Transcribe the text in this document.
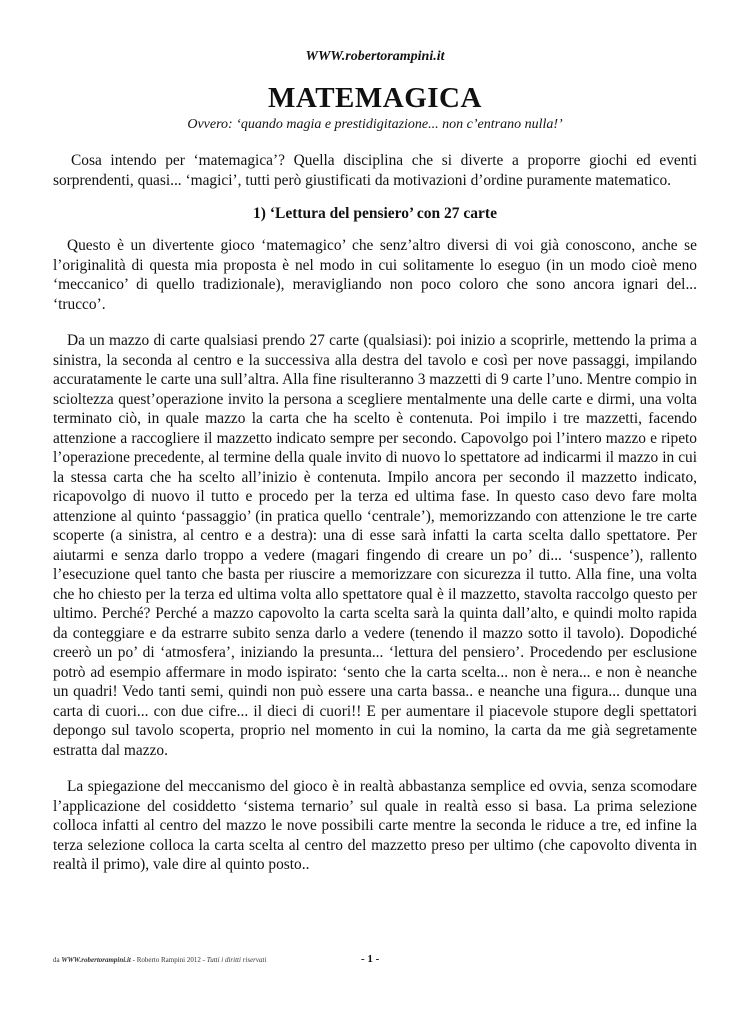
WWW.robertorampini.it
MATEMAGICA
Ovvero: ‘quando magia e prestidigitazione... non c’entrano nulla!’

Cosa intendo per ‘matemagica’? Quella disciplina che si diverte a proporre giochi ed eventi sorprendenti, quasi... ‘magici’, tutti però giustificati da motivazioni d’ordine puramente matematico.

1) ‘Lettura del pensiero’ con 27 carte

Questo è un divertente gioco ‘matemagico’ che senz’altro diversi di voi già conoscono, anche se l’originalità di questa mia proposta è nel modo in cui solitamente lo eseguo (in un modo cioè meno ‘meccanico’ di quello tradizionale), meravigliando non poco coloro che sono ancora ignari del... ‘trucco’.

Da un mazzo di carte qualsiasi prendo 27 carte (qualsiasi): poi inizio a scoprirle, mettendo la prima a sinistra, la seconda al centro e la successiva alla destra del tavolo e così per nove passaggi, impilando accuratamente le carte una sull’altra. Alla fine risulteranno 3 mazzetti di 9 carte l’uno. Mentre compio in scioltezza quest’operazione invito la persona a scegliere mentalmente una delle carte e dirmi, una volta terminato ciò, in quale mazzo la carta che ha scelto è contenuta. Poi impilo i tre mazzetti, facendo attenzione a raccogliere il mazzetto indicato sempre per secondo. Capovolgo poi l’intero mazzo e ripeto l’operazione precedente, al termine della quale invito di nuovo lo spettatore ad indicarmi il mazzo in cui la stessa carta che ha scelto all’inizio è contenuta. Impilo ancora per secondo il mazzetto indicato, ricapovolgo di nuovo il tutto e procedo per la terza ed ultima fase. In questo caso devo fare molta attenzione al quinto ‘passaggio’ (in pratica quello ‘centrale’), memorizzando con attenzione le tre carte scoperte (a sinistra, al centro e a destra): una di esse sarà infatti la carta scelta dallo spettatore. Per aiutarmi e senza darlo troppo a vedere (magari fingendo di creare un po’ di... ‘suspence’), rallento l’esecuzione quel tanto che basta per riuscire a memorizzare con sicurezza il tutto. Alla fine, una volta che ho chiesto per la terza ed ultima volta allo spettatore qual è il mazzetto, stavolta raccolgo questo per ultimo. Perché? Perché a mazzo capovolto la carta scelta sarà la quinta dall’alto, e quindi molto rapida da conteggiare e da estrarre subito senza darlo a vedere (tenendo il mazzo sotto il tavolo). Dopodiché creerò un po’ di ‘atmosfera’, iniziando la presunta... ‘lettura del pensiero’. Procedendo per esclusione potrò ad esempio affermare in modo ispirato: ‘sento che la carta scelta... non è nera... e non è neanche un quadri! Vedo tanti semi, quindi non può essere una carta bassa.. e neanche una figura... dunque una carta di cuori... con due cifre... il dieci di cuori!! E per aumentare il piacevole stupore degli spettatori depongo sul tavolo scoperta, proprio nel momento in cui la nomino, la carta da me già segretamente estratta dal mazzo.

La spiegazione del meccanismo del gioco è in realtà abbastanza semplice ed ovvia, senza scomodare l’applicazione del cosiddetto ‘sistema ternario’ sul quale in realtà esso si basa. La prima selezione colloca infatti al centro del mazzo le nove possibili carte mentre la seconda le riduce a tre, ed infine la terza selezione colloca la carta scelta al centro del mazzetto preso per ultimo (che capovolto diventa in realtà il primo), vale dire al quinto posto..

da WWW.robertorampini.it - Roberto Rampini 2012 - Tutti i diritti riservati	- 1 -
